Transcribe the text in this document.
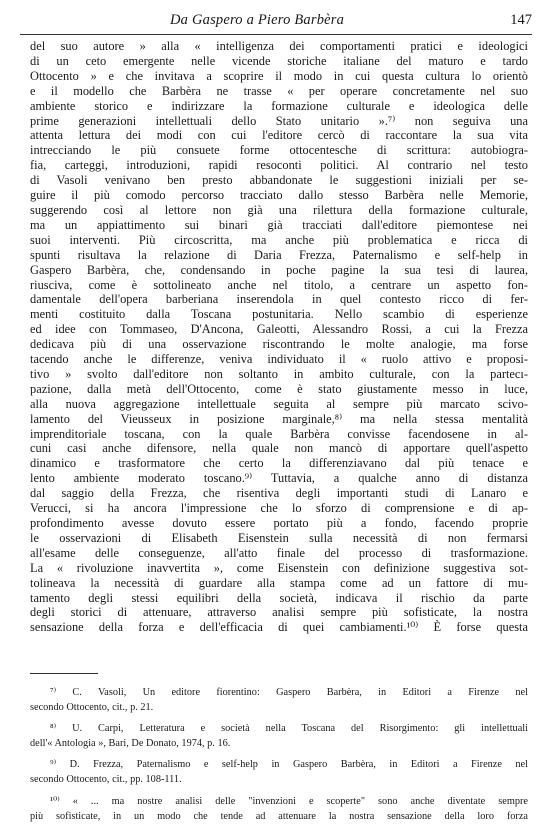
Da Gaspero a Piero Barbèra	147
del suo autore » alla « intelligenza dei comportamenti pratici e ideologici
di un ceto emergente nelle vicende storiche italiane del maturo e tardo
Ottocento » e che invitava a scoprire il modo in cui questa cultura lo orientò
e il modello che Barbèra ne trasse « per operare concretamente nel suo
ambiente storico e indirizzare la formazione culturale e ideologica delle
prime generazioni intellettuali dello Stato unitario ».⁷⁾ non seguiva una
attenta lettura dei modi con cui l'editore cercò di raccontare la sua vita
intrecciando le più consuete forme ottocentesche di scrittura: autobiogra-
fia, carteggi, introduzioni, rapidi resoconti politici. Al contrario nel testo
di Vasoli venivano ben presto abbandonate le suggestioni iniziali per se-
guire il più comodo percorso tracciato dallo stesso Barbèra nelle Memorie,
suggerendo così al lettore non già una rilettura della formazione culturale,
ma un appiattimento sui binari già tracciati dall'editore piemontese nei
suoi interventi. Più circoscritta, ma anche più problematica e ricca di
spunti risultava la relazione di Daria Frezza, Paternalismo e self-help in
Gaspero Barbèra, che, condensando in poche pagine la sua tesi di laurea,
riusciva, come è sottolineato anche nel titolo, a centrare un aspetto fon-
damentale dell'opera barberiana inserendola in quel contesto ricco di fer-
menti costituito dalla Toscana postunitaria. Nello scambio di esperienze
ed idee con Tommaseo, D'Ancona, Galeotti, Alessandro Rossi, a cui la Frezza
dedicava più di una osservazione riscontrando le molte analogie, ma forse
tacendo anche le differenze, veniva individuato il « ruolo attivo e proposi-
tivo » svolto dall'editore non soltanto in ambito culturale, con la partecı-
pazione, dalla metà dell'Ottocento, come è stato giustamente messo in luce,
alla nuova aggregazione intellettuale seguita al sempre più marcato scivo-
lamento del Vieusseux in posizione marginale,⁸⁾ ma nella stessa mentalità
imprenditoriale toscana, con la quale Barbèra convisse facendosene in al-
cuni casi anche difensore, nella quale non mancò di apportare quell'aspetto
dinamico e trasformatore che certo la differenziavano dal più tenace e
lento ambiente moderato toscano.⁹⁾ Tuttavia, a qualche anno di distanza
dal saggio della Frezza, che risentiva degli importanti studi di Lanaro e
Verucci, si ha ancora l'impressione che lo sforzo di comprensione e di ap-
profondimento avesse dovuto essere portato più a fondo, facendo proprie
le osservazioni di Elisabeth Eisenstein sulla necessità di non fermarsi
all'esame delle conseguenze, all'atto finale del processo di trasformazione.
La « rivoluzione inavvertita », come Eisenstein con definizione suggestiva sot-
tolineava la necessità di guardare alla stampa come ad un fattore di mu-
tamento degli stessi equilibri della società, indicava il rischio da parte
degli storici di attenuare, attraverso analisi sempre più sofisticate, la nostra
sensazione della forza e dell'efficacia di quei cambiamenti.¹⁰⁾ È forse questa
⁷⁾ C. Vasoli, Un editore fiorentino: Gaspero Barbèra, in Editori a Firenze nel
secondo Ottocento, cit., p. 21.
⁸⁾ U. Carpi, Letteratura e società nella Toscana del Risorgimento: gli intellettuali
dell'« Antologia », Bari, De Donato, 1974, p. 16.
⁹⁾ D. Frezza, Paternalismo e self-help in Gaspero Barbèra, in Editori a Firenze nel
secondo Ottocento, cit., pp. 108-111.
¹⁰⁾ « ... ma nostre analisi delle "invenzioni e scoperte" sono anche diventate sempre
più sofisticate, in un modo che tende ad attenuare la nostra sensazione della loro forza
